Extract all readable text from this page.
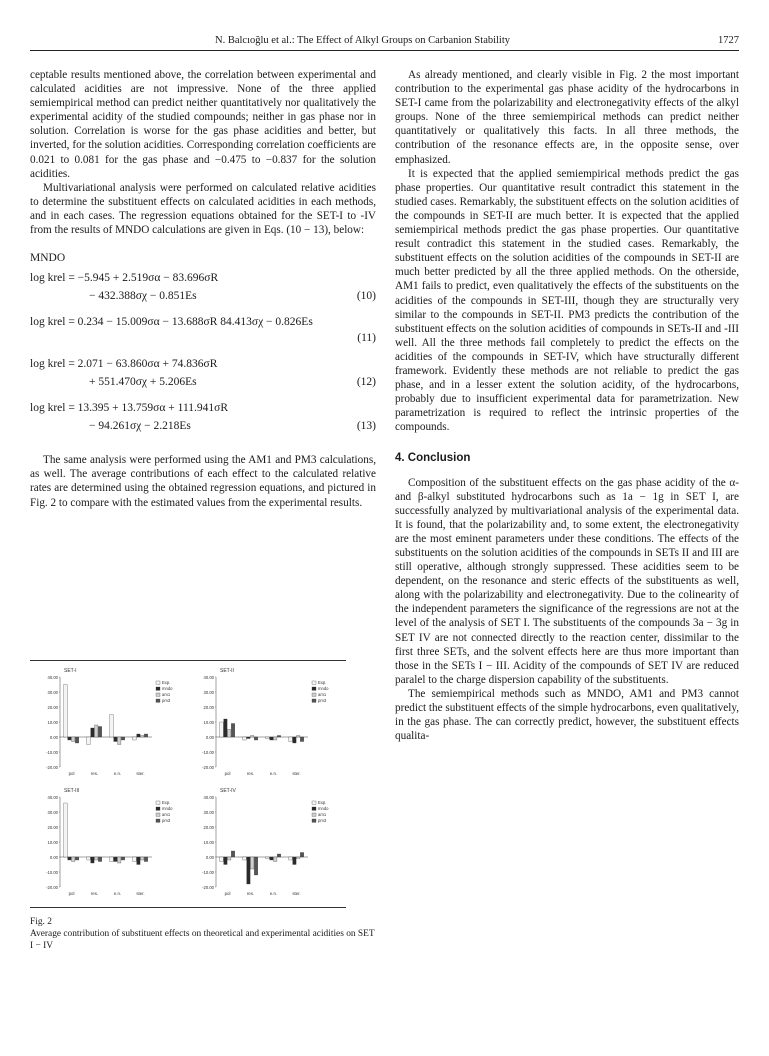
N. Balcıoğlu et al.: The Effect of Alkyl Groups on Carbanion Stability	1727

ceptable results mentioned above, the correlation between experimental and calculated acidities are not impressive. None of the three applied semiempirical method can predict neither quantitatively nor qualitatively the experimental acidity of the studied compounds; neither in gas phase nor in solution. Correlation is worse for the gas phase acidities and better, but inverted, for the solution acidities. Corresponding correlation coefficients are 0.021 to 0.081 for the gas phase and −0.475 to −0.837 for the solution acidities.

Multivariational analysis were performed on calculated relative acidities to determine the substituent effects on calculated acidities in each methods, and in each cases. The regression equations obtained for the SET-I to -IV from the results of MNDO calculations are given in Eqs. (10 − 13), below:

MNDO
log krel = −5.945 + 2.519σα − 83.696σR
− 432.388σχ − 0.851Es	(10)
log krel = 0.234 − 15.009σα − 13.688σR 84.413σχ − 0.826Es
(11)
log krel = 2.071 − 63.860σα + 74.836σR
+ 551.470σχ + 5.206Es	(12)
log krel = 13.395 + 13.759σα + 111.941σR
− 94.261σχ − 2.218Es	(13)

The same analysis were performed using the AM1 and PM3 calculations, as well. The average contributions of each effect to the calculated relative rates are determined using the obtained regression equations, and pictured in Fig. 2 to compare with the estimated values from the experimental results.

SET-I
40.00
30.00
20.00
10.00
0.00
-10.00
-20.00
pol	res.	e.n.	ster.
Exp.
mndo
am1
pm3
SET-II
40.00
30.00
20.00
10.00
0.00
-10.00
-20.00
pol	res.	e.n.	ster.
Exp.
mndo
am1
pm3
SET-III
40.00
30.00
20.00
10.00
0.00
-10.00
-20.00
pol	res.	e.n.	ster.
Exp.
mndo
am1
pm3
SET-IV
40.00
30.00
20.00
10.00
0.00
-10.00
-20.00
pol	res.	e.n.	ster.
Exp.
mndo
am1
pm3
Fig. 2
Average contribution of substituent effects on theoretical and experimental acidities on SET I − IV

As already mentioned, and clearly visible in Fig. 2 the most important contribution to the experimental gas phase acidity of the hydrocarbons in SET-I came from the polarizability and electronegativity effects of the alkyl groups. None of the three semiempirical methods can predict neither quantitatively or qualitatively this facts. In all three methods, the contribution of the resonance effects are, in the opposite sense, over emphasized.

It is expected that the applied semiempirical methods predict the gas phase properties. Our quantitative result contradict this statement in the studied cases. Remarkably, the substituent effects on the solution acidities of the compounds in SET-II are much better. It is expected that the applied semiempirical methods predict the gas phase properties. Our quantitative result contradict this statement in the studied cases. Remarkably, the substituent effects on the solution acidities of the compounds in SET-II are much better predicted by all the three applied methods. On the otherside, AM1 fails to predict, even qualitatively the effects of the substituents on the acidities of the compounds in SET-III, though they are structurally very similar to the compounds in SET-II. PM3 predicts the contribution of the substituent effects on the solution acidities of compounds in SETs-II and -III well. All the three methods fail completely to predict the effects on the acidities of the compounds in SET-IV, which have structurally different framework. Evidently these methods are not reliable to predict the gas phase, and in a lesser extent the solution acidity, of the hydrocarbons, probably due to insufficient experimental data for parametrization. New parametrization is required to reflect the intrinsic properties of the compounds.

4. Conclusion

Composition of the substituent effects on the gas phase acidity of the α- and β-alkyl substituted hydrocarbons such as 1a − 1g in SET I, are successfully analyzed by multivariational analysis of the experimental data. It is found, that the polarizability and, to some extent, the electronegativity are the most eminent parameters under these conditions. The effects of the substituents on the solution acidities of the compounds in SETs II and III are still operative, although strongly suppressed. These acidities seem to be dependent, on the resonance and steric effects of the substituents as well, along with the polarizability and electronegativity. Due to the colinearity of the independent parameters the significance of the regressions are not at the level of the analysis of SET I. The substituents of the compounds 3a − 3g in SET IV are not connected directly to the reaction center, dissimilar to the first three SETs, and the solvent effects here are thus more important than those in the SETs I − III. Acidity of the compounds of SET IV are reduced paralel to the charge dispersion capability of the substituents.

The semiempirical methods such as MNDO, AM1 and PM3 cannot predict the substituent effects of the simple hydrocarbons, even qualitatively, in the gas phase. The can correctly predict, however, the substituent effects qualita-
